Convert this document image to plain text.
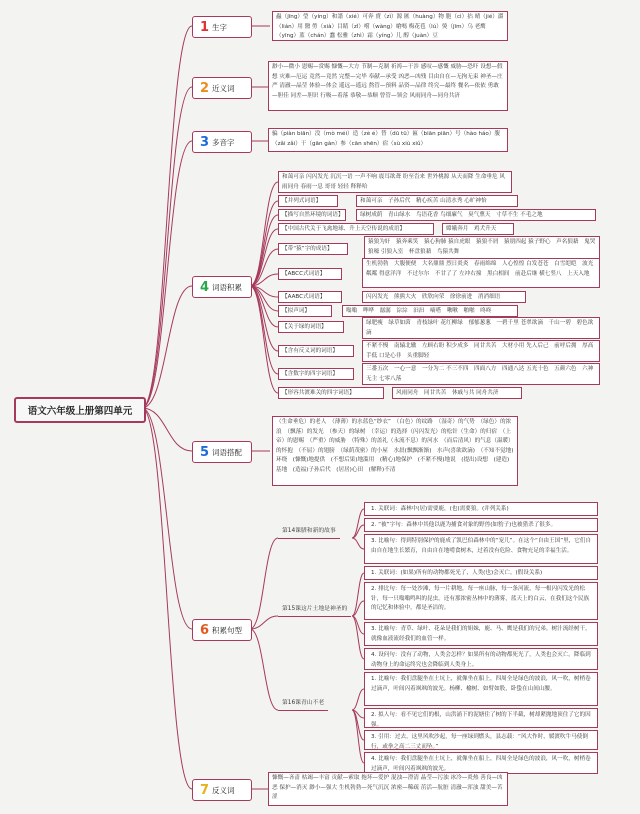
语文六年级上册第四单元
1 生字
蟲（jīng）瑩（yíng）和諧（xié）可奔 賣（zì）源 匯（huàng）物 胞（cì）拈 晴（jié）澀（lián）用 醫 勞（xià）目睛（zǐ）嚐（wàng）嗆嗎 梅花苞（lú）熒（jīm）乌 老鹰（yīng）蓝（chán）蠢 松雅（zhì）霜（yíng）儿 醇（juàn）豆
2 近义词
渺小—微小 恩赐—赏赐 慷慨—大方 节制—克制 祈祷—干涉 感叹—感慨 威胁—恐吓 设想—假想 灾难—厄运 竟然—竟然 完整—完毕 奉献—承受 凶恶—凶残 目由自在—无拘无束 神圣—庄严 清澈—晶莹 体验—体会 遥远—遥远 熬管—预料 品资—品律 终究—最终 餐名—依依 勇敢—胆佳 同差—胆识 行吸—着落 恭敬—恭顺 曾管—领会 风雨同舟—同舟共济
3 多音字
骗（piàn biān）没（mò méi）造（zè é）替（dū tū）匾（biān piān）号（hào háo）腹（zǎi zǎi）干（gān gàn）参（cān shēn）宿（sù xiù xiǔ）
4 词语积累
和蔼可亲 闪闪发光 沉沉一语 一声不响 震耳欲聋 纷至沓来 世外桃源 从天而降 生命垂危 风雨同舟 春雨一息 哥哥 轻轻 释释哈
【并列式词语】	和蔼可亲　子孙后代　精心疾苦 山清水秀 心旷神怡
【描写自然环境的词语】	绿树成荫　青山绿水　鸟语花香 鸟细廉气　臭气熏天　寸草不生 不毛之地
【中国古代关于飞禽地球、升上天空传说的成语】	嫦娥奔月　鸡犬升天
【带“猿”字的成语】
猿狼为奸　猿奔乘笑　猿心狗肺 猿自虎眼　猿狼不屑　猿朋四起 猿子野心　声名狼藉　鬼哭狼嚎 引狼入室　杯盘狼藉　鸟猿共舞
【ABCC式词语】
生机勃勃　大腹便便　大名鼎鼎 烈日炎炎　春雨绵绵　人心惶惶 白发苍苍　白雪皑皑　波光粼粼 得意洋洋　不过尔尔　不甘了了 左冲右撞　黑白相间　前赴后继 横七竖八　上天入地
【AABC式词语】	闪闪发光　熊熊大火　欣欣向荣　徐徐前进　消消细语
【拟声词】	嗡嗡　哗哗　潺潺　淙淙　汩汩　嘀嗒　啾啾　啪啪　咚咚
【关于绿的词语】
绿肥瘦　绿草如茵　青枝绿叶 花红柳绿　郁郁葱葱　一碧千里 苍翠欲滴　千山一碧　碧色欲滴
【含有反义词的词语】
不紧不慢　南辕北辙　左顾右盼 积少成多　同甘共苦　大材小用 先人后己　前呼后拥　厚高手低 口是心非　头重脚轻
【含数字的四字词语】
三番五次　一心一意　一分为二 不三不四　四面八方　四通八达 五光十色　五颜六色　六神无主 七零八落
【形容共渡难关的四字词语】	风雨同舟　同甘共苦　休戚与共 同舟共济
5 词语搭配
（生命垂危）的老人　（薄薄）的水蓝色“纱衣”　（白色）的纹路　（湿奇）的气势　（绿色）的浓浪　（飘落）的发光　（参天）的绿树　（幸运）的选择（闪闪发光）的松针（生命）的归宿　（上帝）的恩赐　（严重）的威胁　（特殊）的盖礼（永流不息）的河水　（而后清风）的气息（温暖）的怀抱　（不屈）的翅膀　（绿荫茂密）的小屋　水晨(飘飘渐渐)　水声(喜欲欲滴)　（不知不觉地)环绕　(慷慨)地提供　(不想后果)地滥用　(精心)地保护　(不紧不慢)地说　(提出)设想　(建造)基地　(造福)子孙后代　(居居)心田　(解释)不清
6 积累句型
第14课腊和新的故事
1. 关联词：森林中(居)需要鹿，(也)需要狼。(并列关系)
2. “被”字句：森林中其他以鹿为捕食对象的野兽(如豹子)也被猎杀了很多。
3. 比喻句：得到特别保护的鹿成了凯巴伯森林中的“宠儿”。在这个“自由王国”里，它们自由自在地生长繁育，自由自在地啃食树木，过着没有危险、食物充足的幸福生活。
第15课这片土地是神圣的
1. 关联词：(如果)所有的动物都死光了，人类(也)会灭亡。(假设关系)
2. 排比句：每一处沙滩，每一片耕地，每一座山脉，每一条河流，每一根闪闪发光的松针，每一只嗡嗡鸣叫的昆虫，还有那浓密丛林中的薄雾，蓝天上的白云，在我们这个民族的记忆和体验中，都是圣洁的。
3. 比喻句：青草、绿叶、花朵是我们的姐妹，鹿、马、鹰是我们的兄弟。树汁流经树干，就像血液流经我们的血管一样。
4. 设问句：没有了动物，人类会怎样？如果所有的动物都死光了，人类也会灭亡。降临到动物身上的命运终究也会降临到人类身上。
第16课青山不老
1. 比喻句：我们盘腿坐在土坑上，就像坐在船上，四周全是绿色的波浪，风一吹，树梢卷过滴声，叶间闪着飒飒的波光。杨柳、榆树、如臂如股，卧蛰在山间山腰。
2. 拟人句：看不见它们的根，山洪涌下的泥塘住了树的下半截，树却紧抛地顶住了它的因强。
3. 引用：过去，这里风吹沙起，每一座绿到燃头，县志载：“风大作时，媛渡吹牛马使倒行，或拳之高二三丈而坠。”
4. 比喻句：我们盘腿坐在土坑上，就像坐在船上，四周全是绿色的波浪，风一吹，树梢卷过滴声，叶间闪着飒飒的波光。
7 反义词
慷慨—吝啬 枯竭—丰富 贡献—索取 拖坏—爱护 混浊—澄清 晶莹—污浊 冰冷—炎热 善良—凶恶 保护—消灭 渺小—强大 生机勃勃—死气沉沉 浓密—稀疏 茁活—肮脏 清澈—浑浊 甜美—苦涩
